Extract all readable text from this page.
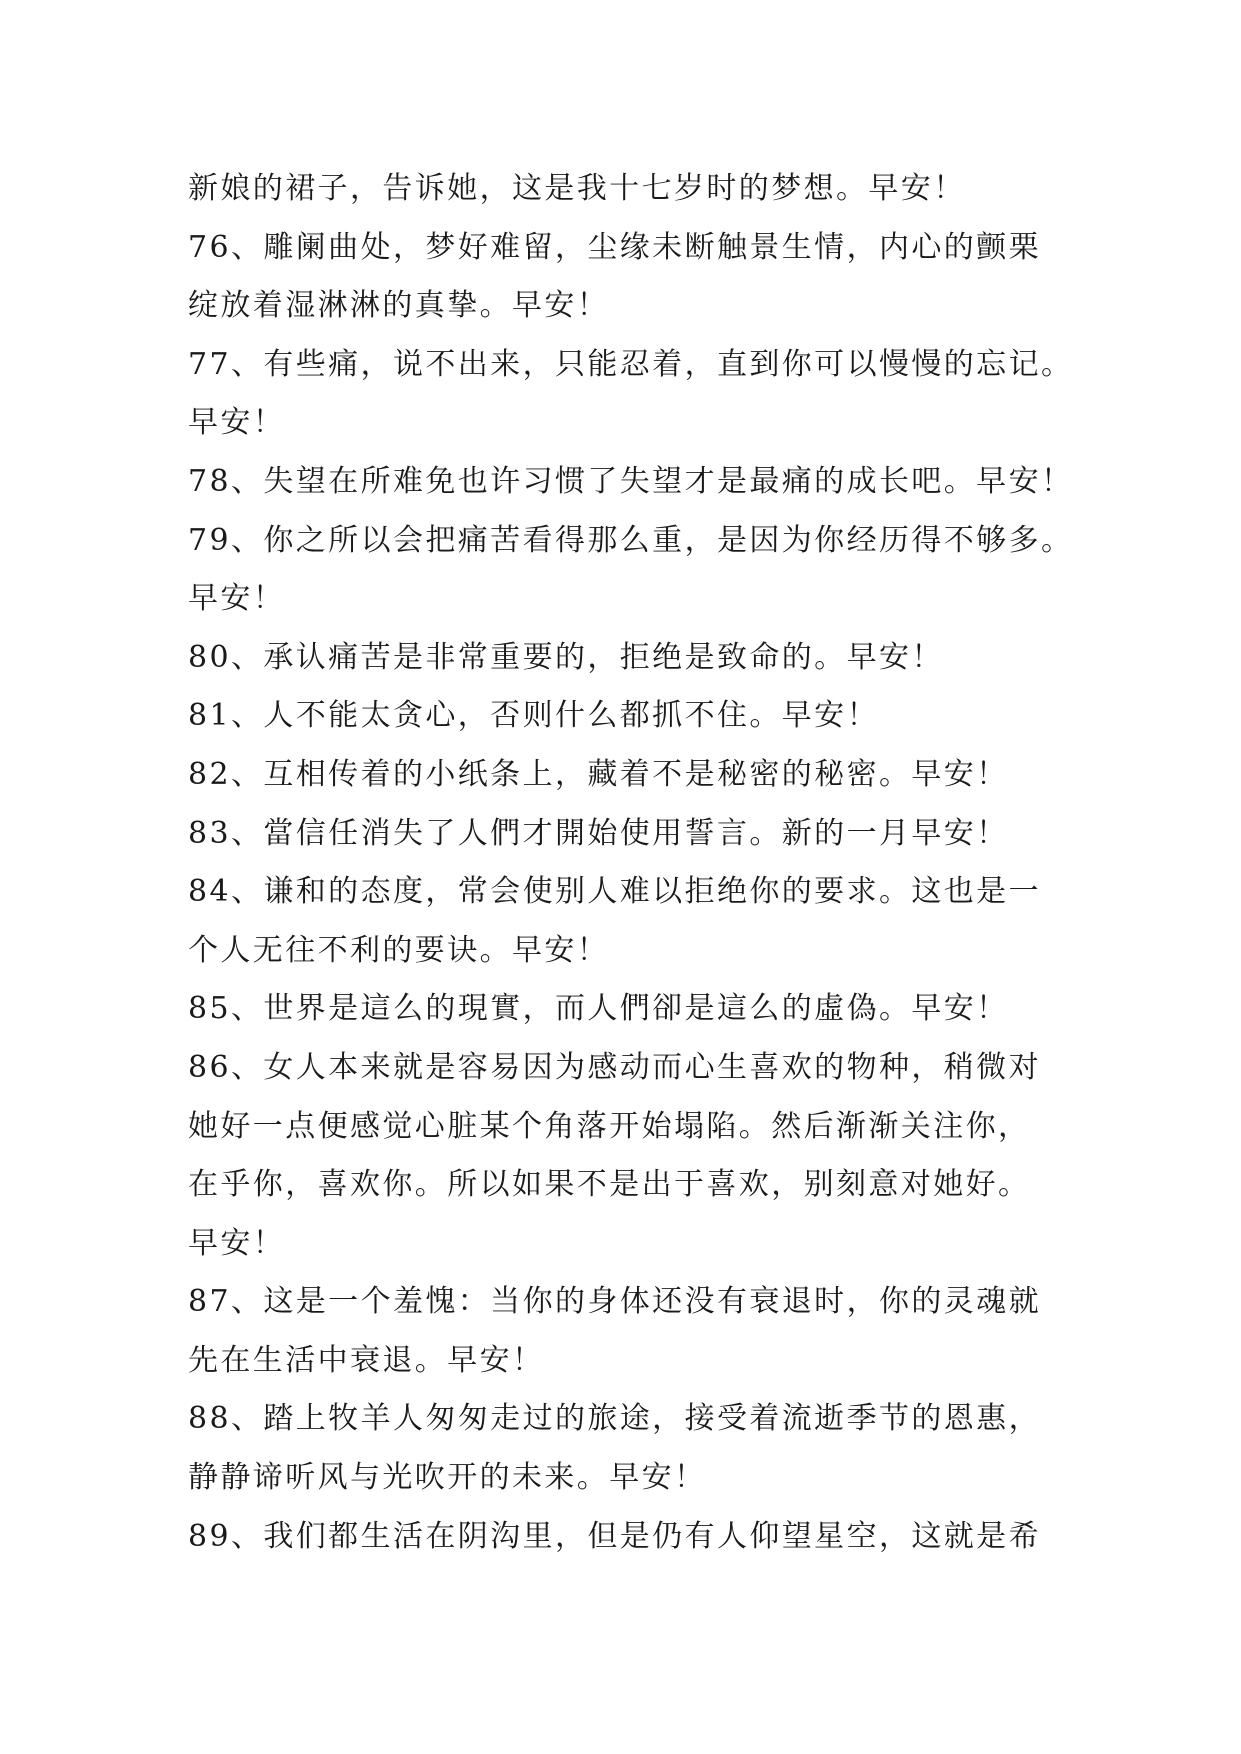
新娘的裙子，告诉她，这是我十七岁时的梦想。早安！
76、雕阑曲处，梦好难留，尘缘未断触景生情，内心的颤栗
绽放着湿淋淋的真挚。早安！
77、有些痛，说不出来，只能忍着，直到你可以慢慢的忘记。
早安！
78、失望在所难免也许习惯了失望才是最痛的成长吧。早安！
79、你之所以会把痛苦看得那么重，是因为你经历得不够多。
早安！
80、承认痛苦是非常重要的，拒绝是致命的。早安！
81、人不能太贪心，否则什么都抓不住。早安！
82、互相传着的小纸条上，藏着不是秘密的秘密。早安！
83、當信任消失了人們才開始使用誓言。新的一月早安！
84、谦和的态度，常会使别人难以拒绝你的要求。这也是一
个人无往不利的要诀。早安！
85、世界是這么的現實，而人們卻是這么的虛偽。早安！
86、女人本来就是容易因为感动而心生喜欢的物种，稍微对
她好一点便感觉心脏某个角落开始塌陷。然后渐渐关注你，
在乎你，喜欢你。所以如果不是出于喜欢，别刻意对她好。
早安！
87、这是一个羞愧：当你的身体还没有衰退时，你的灵魂就
先在生活中衰退。早安！
88、踏上牧羊人匆匆走过的旅途，接受着流逝季节的恩惠，
静静谛听风与光吹开的未来。早安！
89、我们都生活在阴沟里，但是仍有人仰望星空，这就是希
